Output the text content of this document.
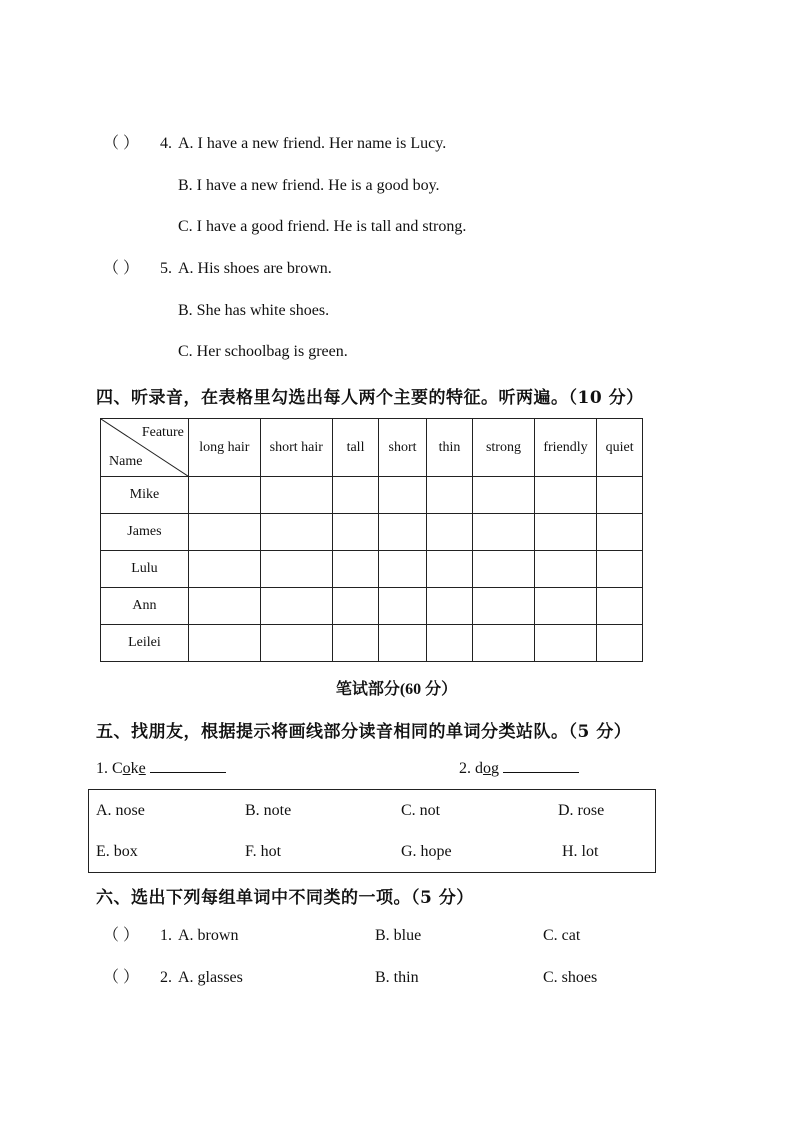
（ ） 4. A. I have a new friend. Her name is Lucy.
B. I have a new friend. He is a good boy.
C. I have a good friend. He is tall and strong.
（ ） 5. A. His shoes are brown.
B. She has white shoes.
C. Her schoolbag is green.
四、听录音，在表格里勾选出每人两个主要的特征。听两遍。（10 分）
Feature
Name	long hair	short hair	tall	short	thin	strong	friendly	quiet
Mike								
James								
Lulu								
Ann								
Leilei								
笔试部分(60 分）
五、找朋友，根据提示将画线部分读音相同的单词分类站队。（5 分）
1. Coke	2. dog
A. nose	B. note	C. not	D. rose
E. box	F. hot	G. hope	H. lot
六、选出下列每组单词中不同类的一项。（5 分）
（ ） 1. A. brown	B. blue	C. cat
（ ） 2. A. glasses	B. thin	C. shoes
